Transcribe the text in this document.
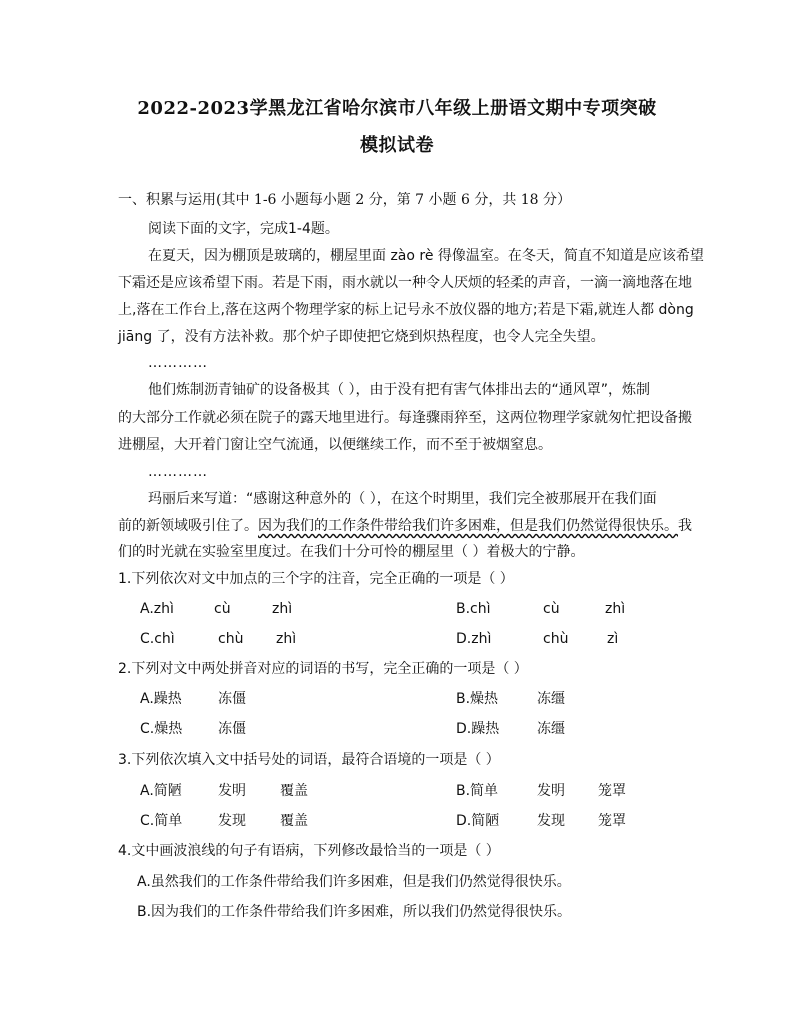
2022-2023学黑龙江省哈尔滨市八年级上册语文期中专项突破
模拟试卷
一、积累与运用(其中 1-6 小题每小题 2 分，第 7 小题 6 分，共 18 分）
阅读下面的文字，完成1-4题。
在夏天，因为棚顶是玻璃的，棚屋里面 zào rè 得像温室。在冬天，简直不知道是应该希望
下霜还是应该希望下雨。若是下雨，雨水就以一种令人厌烦的轻柔的声音，一滴一滴地落在地
上,落在工作台上,落在这两个物理学家的标上记号永不放仪器的地方;若是下霜,就连人都 dòng
jiāng 了，没有方法补救。那个炉子即使把它烧到炽热程度，也令人完全失望。
…………
他们炼制沥青铀矿的设备极其（ ），由于没有把有害气体排出去的“通风罩”，炼制
的大部分工作就必须在院子的露天地里进行。每逢骤雨猝至，这两位物理学家就匆忙把设备搬
进棚屋，大开着门窗让空气流通，以便继续工作，而不至于被烟窒息。
…………
玛丽后来写道：“感谢这种意外的（ ），在这个时期里，我们完全被那展开在我们面
前的新领域吸引住了。因为我们的工作条件带给我们许多困难，但是我们仍然觉得很快乐。我
们的时光就在实验室里度过。在我们十分可怜的棚屋里（ ）着极大的宁静。
1.下列依次对文中加点的三个字的注音，完全正确的一项是（ ）
A.zhì	cù	zhì	B.chì	cù	zhì
C.chì	chù zhì	D.zhì	chù	zì
2.下列对文中两处拼音对应的词语的书写，完全正确的一项是（ ）
A.躁热	冻僵	B.燥热	冻缰
C.燥热	冻僵	D.躁热	冻缰
3.下列依次填入文中括号处的词语，最符合语境的一项是（ ）
A.简陋	发明 覆盖	B.简单	发明 笼罩
C.简单	发现 覆盖	D.简陋	发现 笼罩
4.文中画波浪线的句子有语病，下列修改最恰当的一项是（ ）
A.虽然我们的工作条件带给我们许多困难，但是我们仍然觉得很快乐。
B.因为我们的工作条件带给我们许多困难，所以我们仍然觉得很快乐。
